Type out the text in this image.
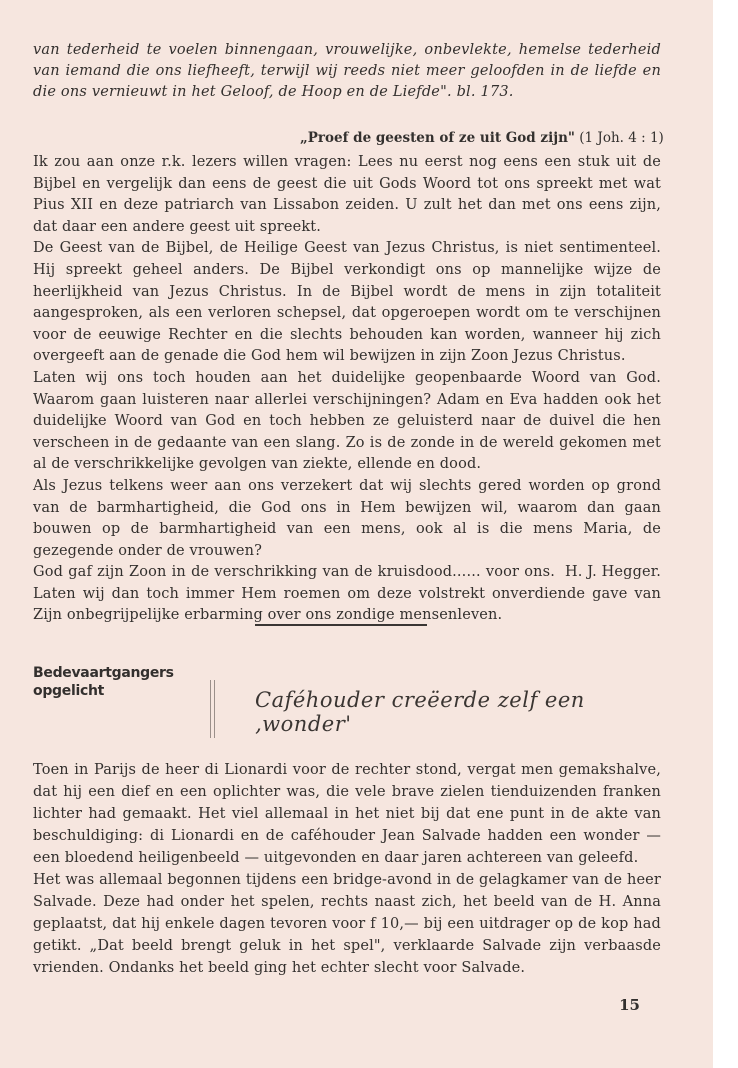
van tederheid te voelen binnengaan, vrouwelijke, onbevlekte, hemelse tederheid van iemand die ons liefheeft, terwijl wij reeds niet meer geloofden in de liefde en die ons vernieuwt in het Geloof, de Hoop en de Liefde". bl. 173.

„Proef de geesten of ze uit God zijn" (1 Joh. 4 : 1)

Ik zou aan onze r.k. lezers willen vragen: Lees nu eerst nog eens een stuk uit de Bijbel en vergelijk dan eens de geest die uit Gods Woord tot ons spreekt met wat Pius XII en deze patriarch van Lissabon zeiden. U zult het dan met ons eens zijn, dat daar een andere geest uit spreekt.

De Geest van de Bijbel, de Heilige Geest van Jezus Christus, is niet sentimenteel. Hij spreekt geheel anders. De Bijbel verkondigt ons op mannelijke wijze de heerlijkheid van Jezus Christus. In de Bijbel wordt de mens in zijn totaliteit aangesproken, als een verloren schepsel, dat opgeroepen wordt om te verschijnen voor de eeuwige Rechter en die slechts behouden kan worden, wanneer hij zich overgeeft aan de genade die God hem wil bewijzen in zijn Zoon Jezus Christus.

Laten wij ons toch houden aan het duidelijke geopenbaarde Woord van God. Waarom gaan luisteren naar allerlei verschijningen? Adam en Eva hadden ook het duidelijke Woord van God en toch hebben ze geluisterd naar de duivel die hen verscheen in de gedaante van een slang. Zo is de zonde in de wereld gekomen met al de verschrikkelijke gevolgen van ziekte, ellende en dood.

Als Jezus telkens weer aan ons verzekert dat wij slechts gered worden op grond van de barmhartigheid, die God ons in Hem bewijzen wil, waarom dan gaan bouwen op de barmhartigheid van een mens, ook al is die mens Maria, de gezegende onder de vrouwen?

H. J. Hegger.
God gaf zijn Zoon in de verschrikking van de kruisdood...... voor ons. Laten wij dan toch immer Hem roemen om deze volstrekt onverdiende gave van Zijn onbegrijpelijke erbarming over ons zondige mensenleven.

Bedevaartgangers
opgelicht	Caféhouder creëerde zelf een ‚wonder'

Toen in Parijs de heer di Lionardi voor de rechter stond, vergat men gemakshalve, dat hij een dief en een oplichter was, die vele brave zielen tienduizenden franken lichter had gemaakt. Het viel allemaal in het niet bij dat ene punt in de akte van beschuldiging: di Lionardi en de caféhouder Jean Salvade hadden een wonder — een bloedend heiligenbeeld — uitgevonden en daar jaren achtereen van geleefd.

Het was allemaal begonnen tijdens een bridge-avond in de gelagkamer van de heer Salvade. Deze had onder het spelen, rechts naast zich, het beeld van de H. Anna geplaatst, dat hij enkele dagen tevoren voor f 10,— bij een uitdrager op de kop had getikt. „Dat beeld brengt geluk in het spel", verklaarde Salvade zijn verbaasde vrienden. Ondanks het beeld ging het echter slecht voor Salvade.

15
